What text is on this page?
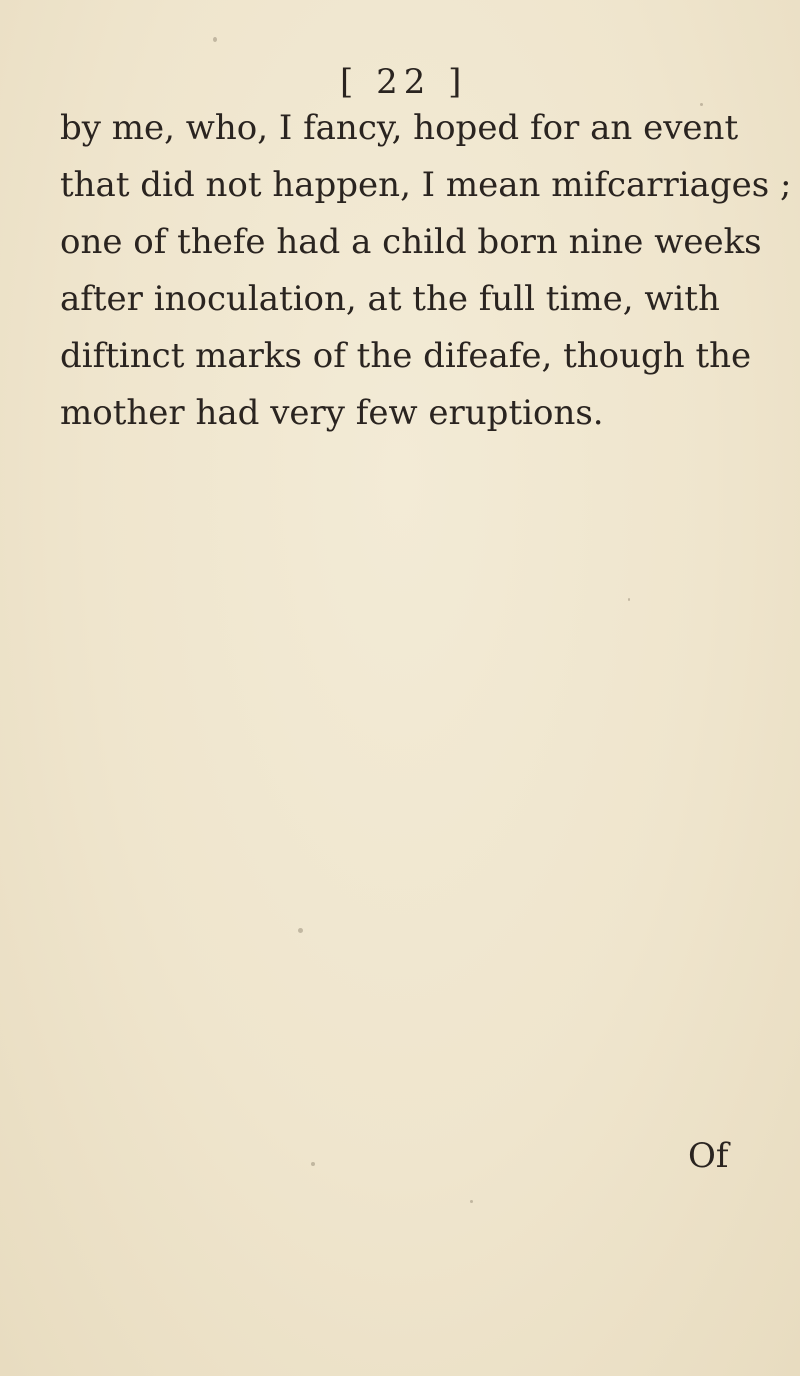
[ 22 ]
by me, who, I fancy, hoped for an event
that did not happen, I mean mifcarriages ;
one of thefe had a child born nine weeks
after inoculation, at the full time, with
diftinct marks of the difeafe, though the
mother had very few eruptions.
Of
